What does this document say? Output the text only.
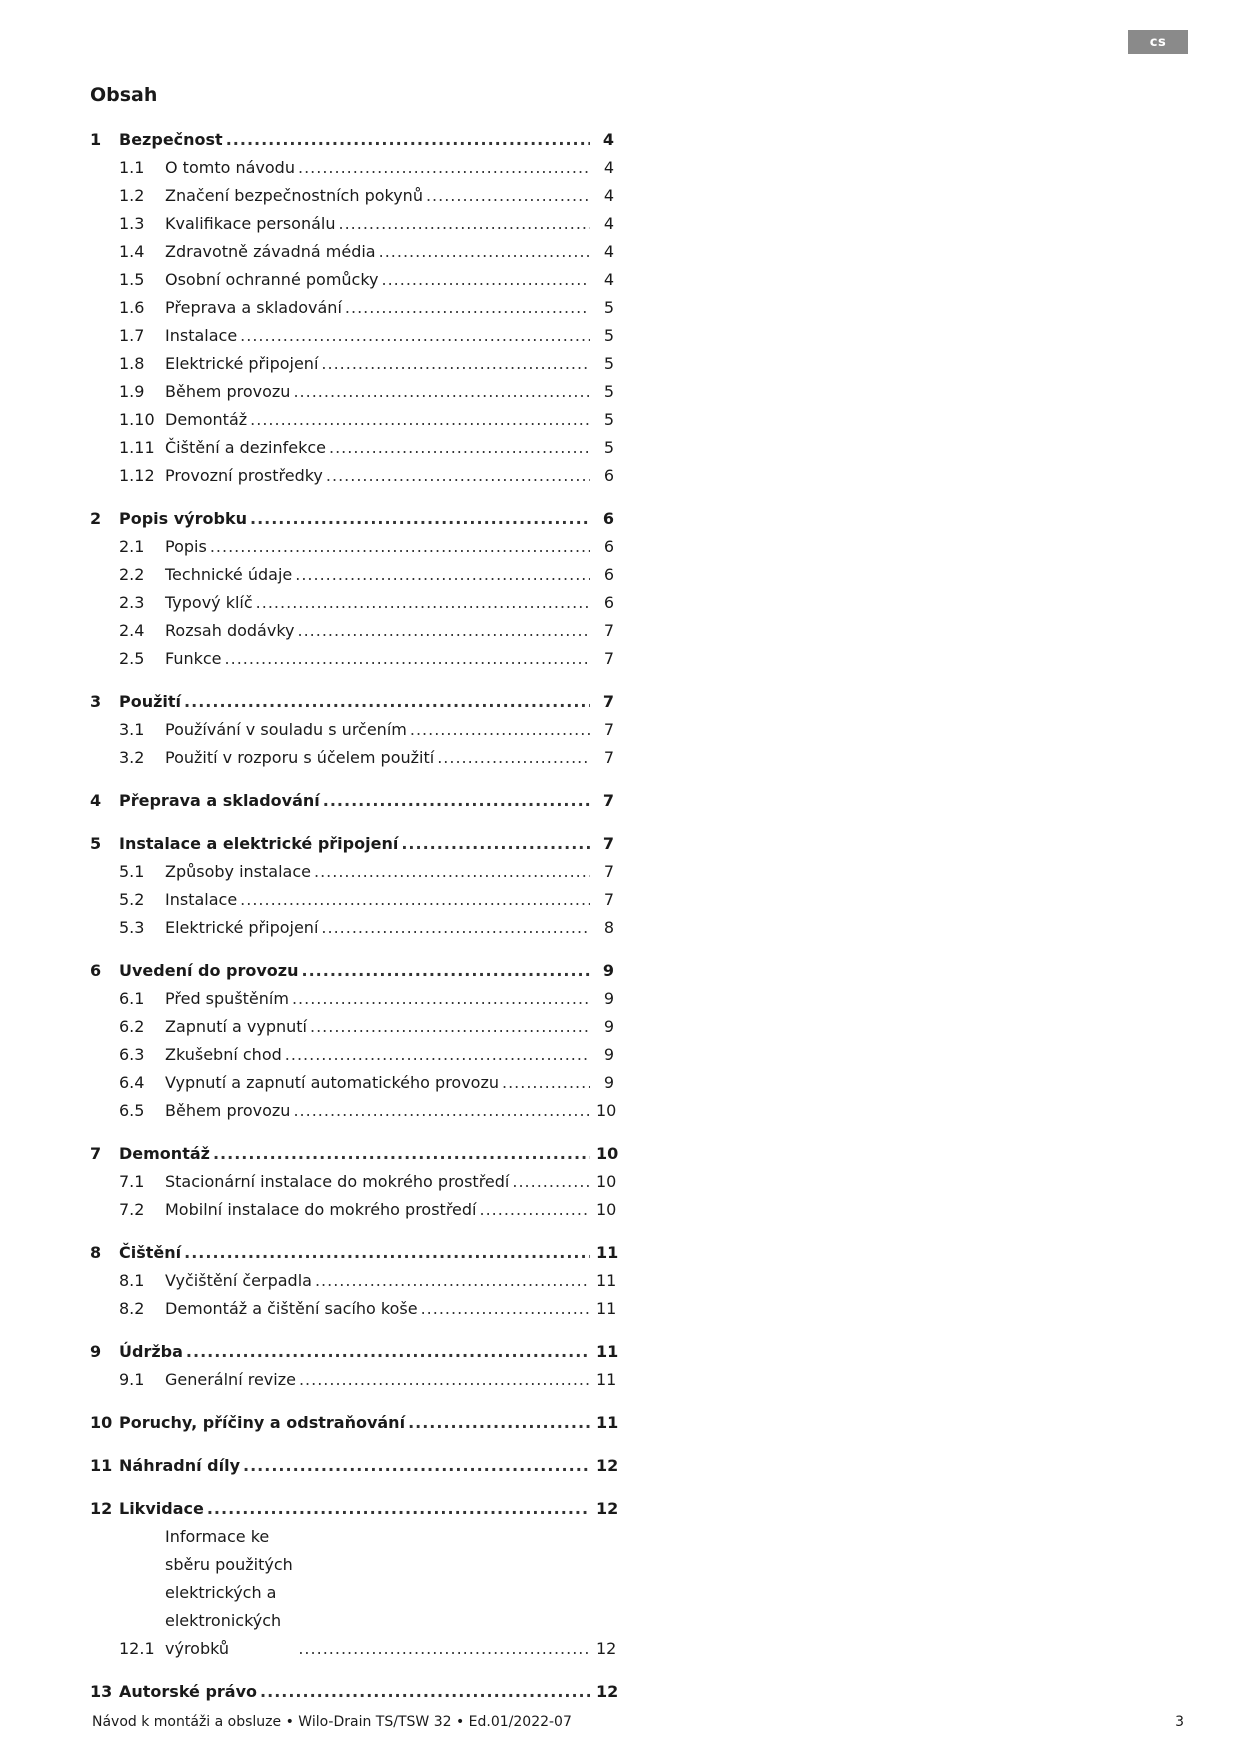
cs
Obsah
1	Bezpečnost .....	4
1.1	O tomto návodu .....	4
1.2	Značení bezpečnostních pokynů .....	4
1.3	Kvalifikace personálu .....	4
1.4	Zdravotně závadná média .....	4
1.5	Osobní ochranné pomůcky .....	4
1.6	Přeprava a skladování .....	5
1.7	Instalace .....	5
1.8	Elektrické připojení .....	5
1.9	Během provozu .....	5
1.10 Demontáž .....	5
1.11 Čištění a dezinfekce .....	5
1.12 Provozní prostředky .....	6
2	Popis výrobku .....	6
2.1	Popis .....	6
2.2	Technické údaje .....	6
2.3	Typový klíč .....	6
2.4	Rozsah dodávky .....	7
2.5	Funkce .....	7
3	Použití .....	7
3.1	Používání v souladu s určením .....	7
3.2	Použití v rozporu s účelem použití .....	7
4	Přeprava a skladování .....	7
5	Instalace a elektrické připojení .....	7
5.1	Způsoby instalace .....	7
5.2	Instalace .....	7
5.3	Elektrické připojení .....	8
6	Uvedení do provozu .....	9
6.1	Před spuštěním .....	9
6.2	Zapnutí a vypnutí .....	9
6.3	Zkušební chod .....	9
6.4	Vypnutí a zapnutí automatického provozu .....	9
6.5	Během provozu .....	10
7	Demontáž .....	10
7.1	Stacionární instalace do mokrého prostředí .....	10
7.2	Mobilní instalace do mokrého prostředí .....	10
8	Čištění .....	11
8.1	Vyčištění čerpadla .....	11
8.2	Demontáž a čištění sacího koše .....	11
9	Údržba .....	11
9.1	Generální revize .....	11
10 Poruchy, příčiny a odstraňování .....	11
11 Náhradní díly .....	12
12 Likvidace .....	12
12.1
Informace ke sběru použitých elektrických a elektronických výrobků .....	12
13 Autorské právo .....	12
Návod k montáži a obsluze • Wilo-Drain TS/TSW 32 • Ed.01/2022-07	3
